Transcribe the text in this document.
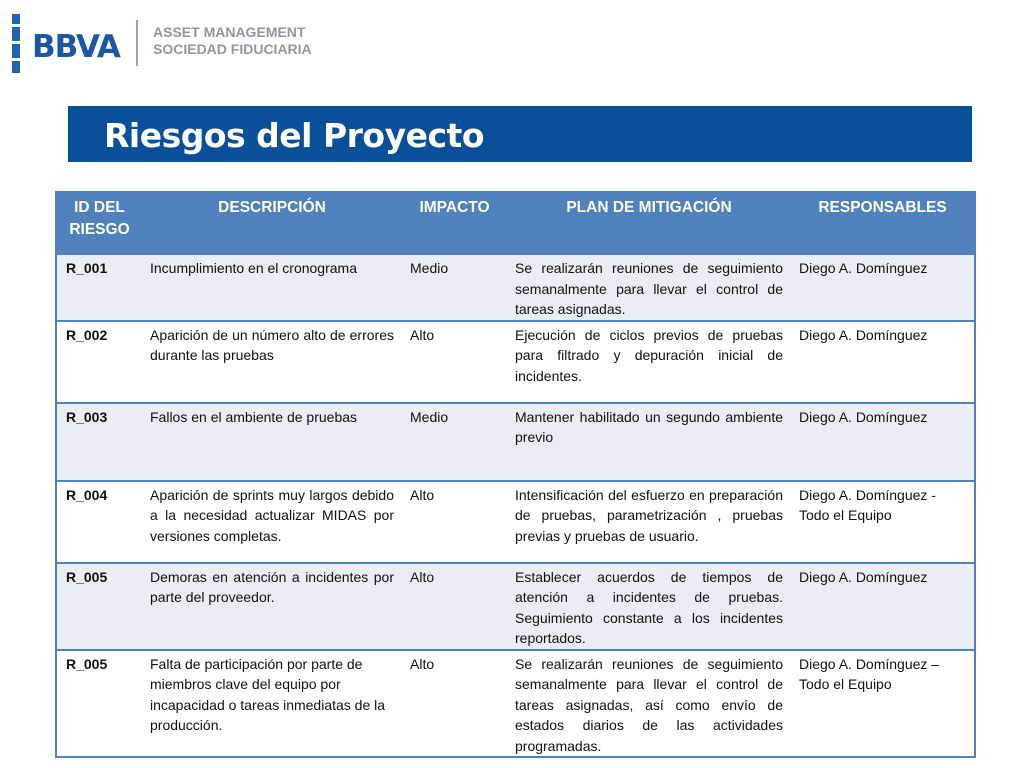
BBVA ASSET MANAGEMENT
SOCIEDAD FIDUCIARIA
Riesgos del Proyecto
ID DEL RIESGO	DESCRIPCIÓN	IMPACTO	PLAN DE MITIGACIÓN	RESPONSABLES
R_001	Incumplimiento en el cronograma	Medio	Se realizarán reuniones de seguimiento semanalmente para llevar el control de tareas asignadas.	Diego A. Domínguez
R_002	Aparición de un número alto de errores durante las pruebas	Alto	Ejecución de ciclos previos de pruebas para filtrado y depuración inicial de incidentes.	Diego A. Domínguez
R_003	Fallos en el ambiente de pruebas	Medio	Mantener habilitado un segundo ambiente previo	Diego A. Domínguez
R_004	Aparición de sprints muy largos debido a la necesidad actualizar MIDAS por versiones completas.	Alto	Intensificación del esfuerzo en preparación de pruebas, parametrización , pruebas previas y pruebas de usuario.	Diego A. Domínguez - Todo el Equipo
R_005	Demoras en atención a incidentes por parte del proveedor.	Alto	Establecer acuerdos de tiempos de atención a incidentes de pruebas. Seguimiento constante a los incidentes reportados.	Diego A. Domínguez
R_005	Falta de participación por parte de miembros clave del equipo por incapacidad o tareas inmediatas de la producción.	Alto	Se realizarán reuniones de seguimiento semanalmente para llevar el control de tareas asignadas, así como envío de estados diarios de las actividades programadas.	Diego A. Domínguez – Todo el Equipo
